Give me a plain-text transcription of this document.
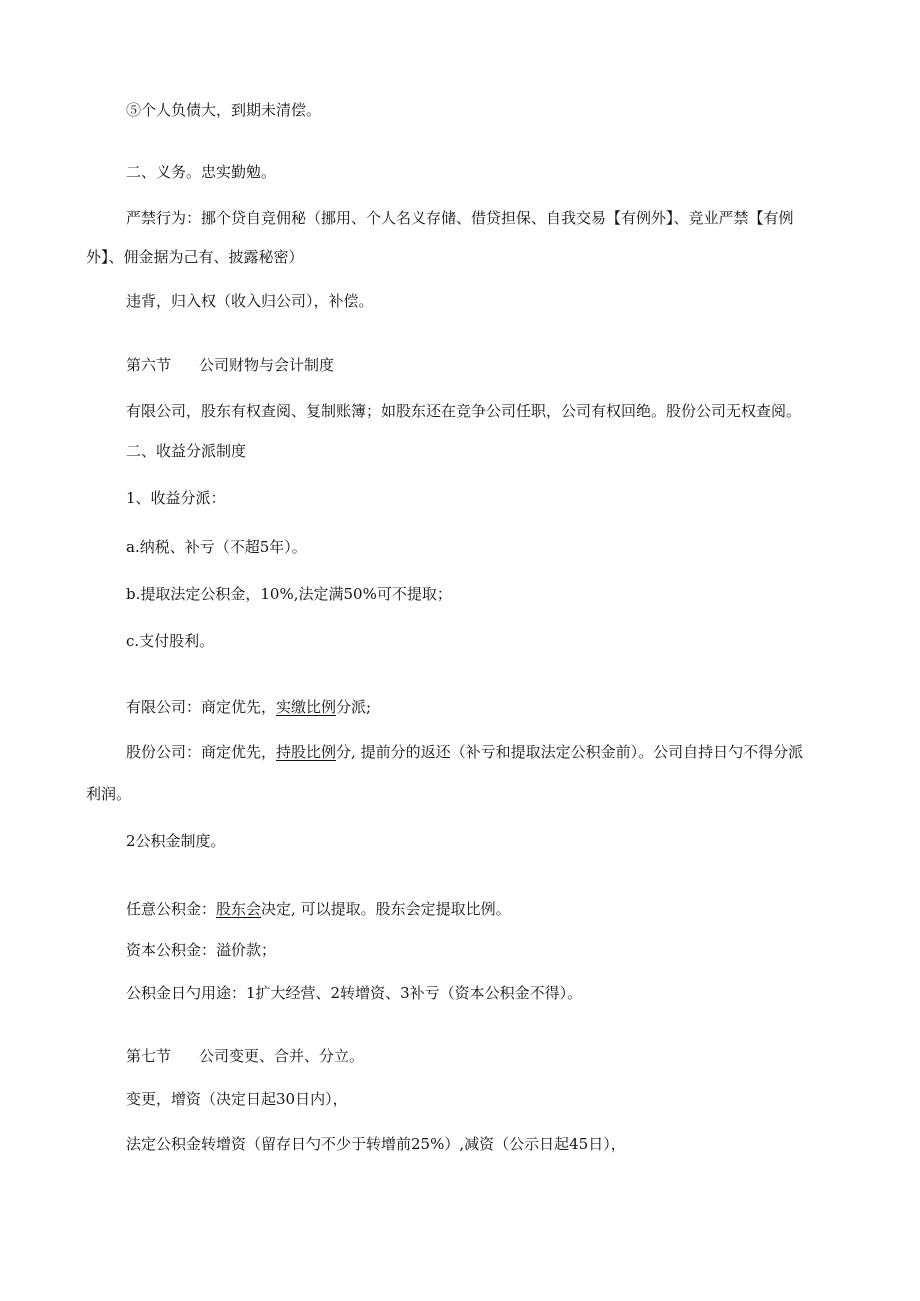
⑤个人负债大，到期未清偿。

二、义务。忠实勤勉。

严禁行为：挪个贷自竞佣秘（挪用、个人名义存储、借贷担保、自我交易【有例外】、竞业严禁【有例

外】、佣金据为己有、披露秘密）

违背，归入权（收入归公司），补偿。

第六节 公司财物与会计制度

有限公司，股东有权查阅、复制账簿；如股东还在竞争公司任职，公司有权回绝。股份公司无权查阅。

二、收益分派制度

1、收益分派：

a.纳税、补亏（不超5年）。

b.提取法定公积金，10%,法定满50%可不提取；

c.支付股利。

有限公司：商定优先，实缴比例分派;

股份公司：商定优先，持股比例分, 提前分的返还（补亏和提取法定公积金前）。公司自持日勺不得分派

利润。

2公积金制度。

任意公积金：股东会决定, 可以提取。股东会定提取比例。

资本公积金：溢价款；

公积金日勺用途：1扩大经营、2转增资、3补亏（资本公积金不得）。

第七节 公司变更、合并、分立。

变更，增资（决定日起30日内），

法定公积金转增资（留存日勺不少于转增前25%）,减资（公示日起45日），
